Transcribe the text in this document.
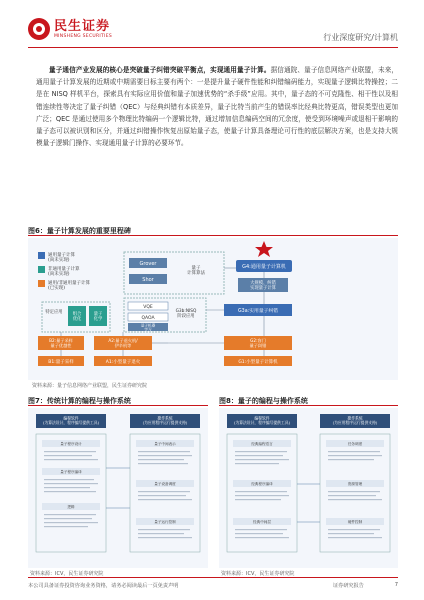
民生证券
MINSHENG SECURITIES	行业深度研究/计算机
量子通信产业发展的核心是突破量子纠错突破平衡点，实现通用量子计算。据信通院、量子信息网络产业联盟，未来，通用量子计算发展的近期或中期需要目标主要有两个：一是提升量子硬件性能和纠错编码能力，实现量子逻辑比特操控；二是在 NISQ 样机平台，探索具有实际应用价值和量子加速优势的“杀手级”应用。其中，量子态的不可克隆性、相干性以及相错连续性等决定了量子纠错（QEC）与经典纠错有本质差异，量子比特当前产生的错误率比经典比特更高，错误类型也更加广泛；QEC 是通过使用多个物理比特编码一个逻辑比特，通过增加信息编码空间的冗余度，使受到环境噪声或退相干影响的量子态可以被识别和区分，并通过纠错操作恢复出原始量子态，使量子计算具备理论可行性的底层解决方案，也是支持大规模量子逻辑门操作、实现通用量子计算的必要环节。
图6：量子计算发展的重要里程碑
通用量子计算(尚未实现)
非通用量子计算(尚未实现)
通用/非通用量子计算(已实现)
G4:通用量子计算机
Grover
Shor
量子计算算法
大规模、纠错实现量子计算
VQE
QAOA
量子机器学习
G3b:NISQ 阶段应用
G3a:实用量子纠错
特定应用 组合优化
量子化学
B2:量子采样量子优越性
A2:量子退火机/伊辛机等
G2:容门量子纠错
B1:量子采样	A1:小型量子退火	G1:小型量子计算机
资料来源：量子信息网络产业联盟，民生证券研究院
图7：传统计算的编程与操作系统
编程软件(为算法设计，程序编写提供工具)
操作系统(为应用程序运行提供支持)
量子程序设计
量子程序编译
逻辑
量子中间表示
量子设备调度
量子运行控制
资料来源：ICV，民生证券研究院
图8：量子的编程与操作系统
编程软件(为算法设计，程序编写提供工具)
操作系统(为应用程序运行提供支持)
经典编程语言
经典程序编译
经典中间层
任务调度
资源管理
硬件控制
资料来源：ICV，民生证券研究院
本公司具备证券投资咨询业务资格，请务必阅读最后一页免责声明	证券研究报告	7
